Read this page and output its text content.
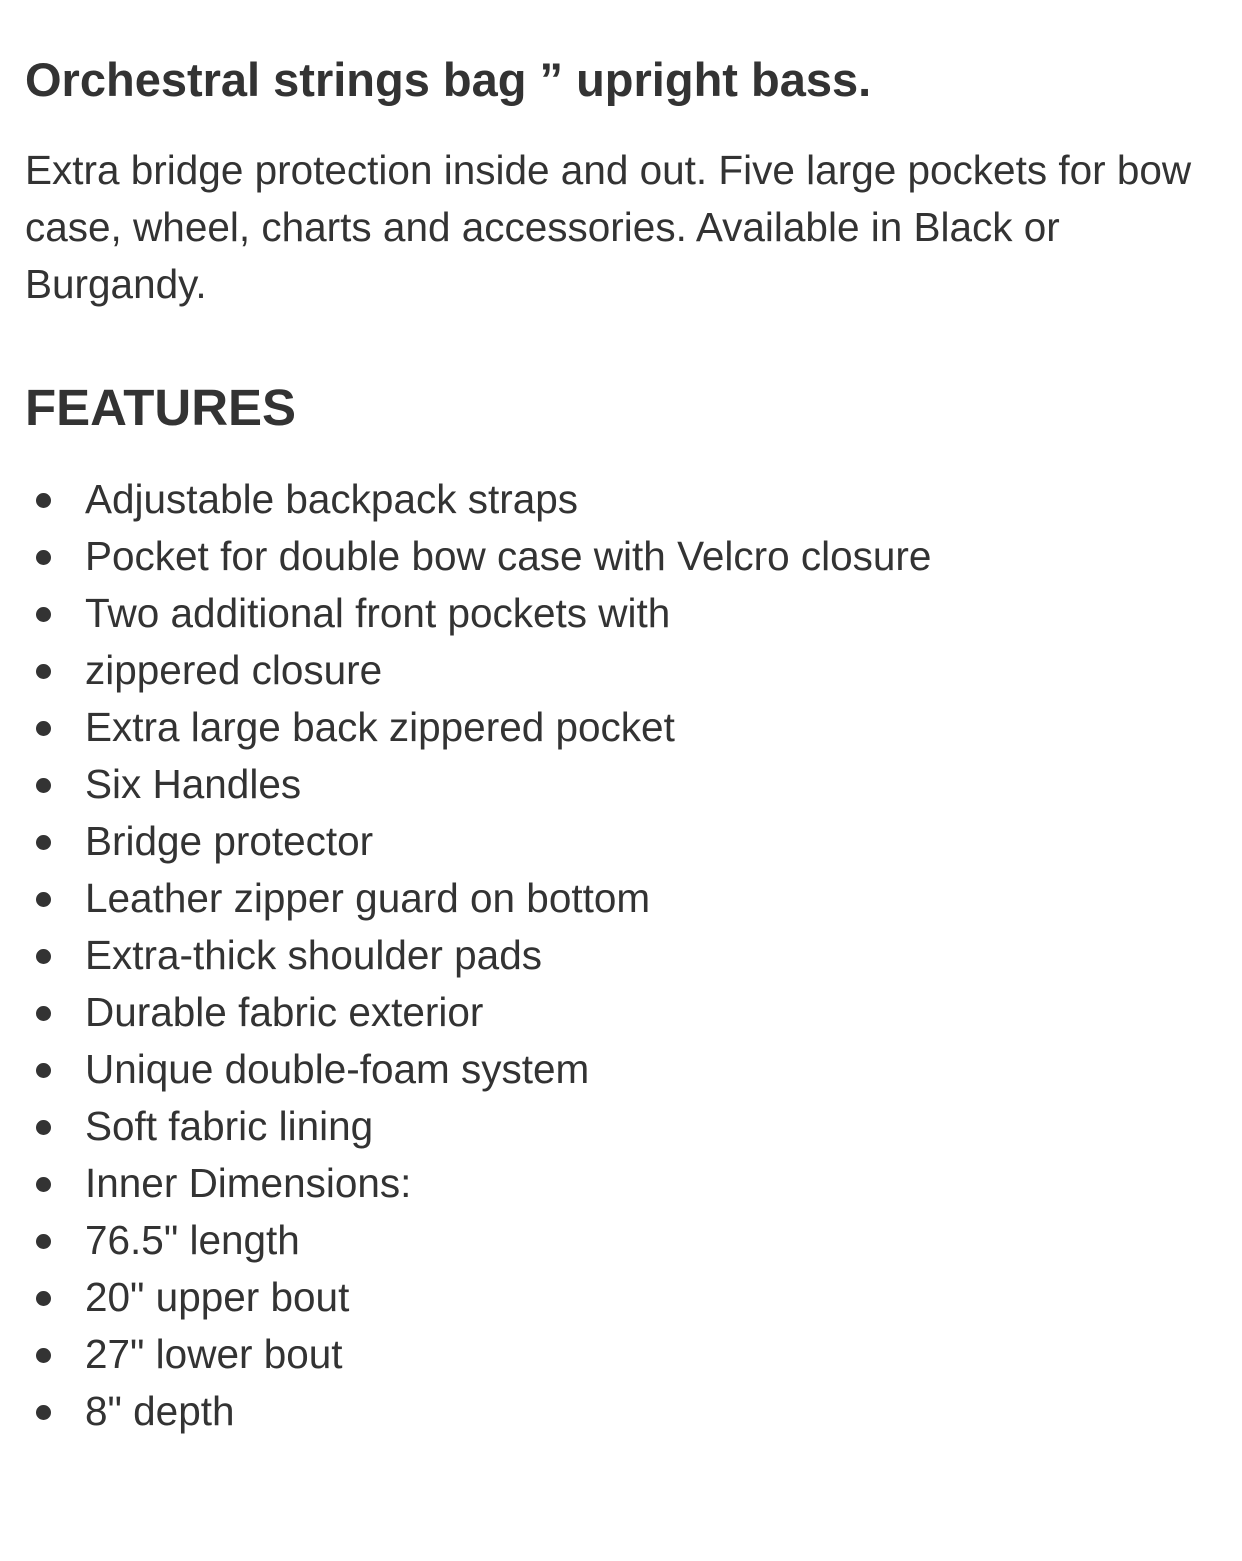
Orchestral strings bag ” upright bass.

Extra bridge protection inside and out. Five large pockets for bow case, wheel, charts and accessories. Available in Black or Burgandy.

FEATURES
Adjustable backpack straps
Pocket for double bow case with Velcro closure
Two additional front pockets with
zippered closure
Extra large back zippered pocket
Six Handles
Bridge protector
Leather zipper guard on bottom
Extra-thick shoulder pads
Durable fabric exterior
Unique double-foam system
Soft fabric lining
Inner Dimensions:
76.5" length
20" upper bout
27" lower bout
8" depth
